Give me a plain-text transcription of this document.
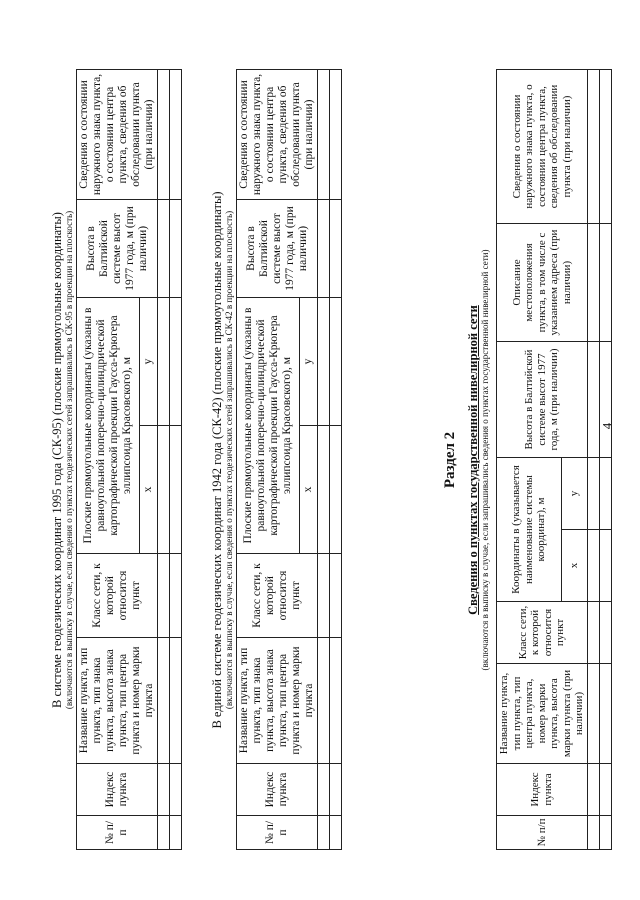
4

В системе геодезических координат 1995 года (СК-95) (плоские прямоугольные координаты) (включаются в выписку в случае, если сведения о пунктах геодезических сетей запрашивались в СК-95 в проекции на плоскость)

№ п/п	Индекс пункта	Название пункта, тип пункта, тип знака пункта, высота знака пункта, тип центра пункта и номер марки пункта	Класс сети, к которой относится пункт	Плоские прямоугольные координаты (указаны в равноугольной поперечно-цилиндрической картографической проекции Гаусса-Крюгера эллипсоида Красовского), м		Высота в Балтийской системе высот 1977 года, м (при наличии)	Сведения о состоянии наружного знака пункта, о состоянии центра пункта, сведения об обследовании пункта (при наличии)
				x	y		

								В единой системе геодезических координат 1942 года (СК-42) (плоские прямоугольные координаты) (включаются в выписку в случае, если сведения о пунктах геодезических сетей запрашивались в СК-42 в проекции на плоскость)

№ п/п	Индекс пункта	Название пункта, тип пункта, тип знака пункта, высота знака пункта, тип центра пункта и номер марки пункта	Класс сети, к которой относится пункт	Плоские прямоугольные координаты (указаны в равноугольной поперечно-цилиндрической картографической проекции Гаусса-Крюгера эллипсоида Красовского), м		Высота в Балтийской системе высот 1977 года, м (при наличии)	Сведения о состоянии наружного знака пункта, о состоянии центра пункта, сведения об обследовании пункта (при наличии)
				x	y		

Раздел 2 Сведения о пунктах государственной нивелирной сети (включаются в выписку в случае, если запрашивались сведения о пунктах государственной нивелирной сети)

№ п/п	Индекс пункта	Название пункта, тип пункта, тип центра пункта, номер марки пункта, высота марки пункта (при наличии)	Класс сети, к которой относится пункт	Координаты в (указывается наименование системы координат), м		Высота в Балтийской системе высот 1977 года, м (при наличии)	Описание местоположения пункта, в том числе с указанием адреса (при наличии)	Сведения о состоянии наружного знака пункта, о состоянии центра пункта, сведения об обследовании пункта (при наличии)
				x	y			
